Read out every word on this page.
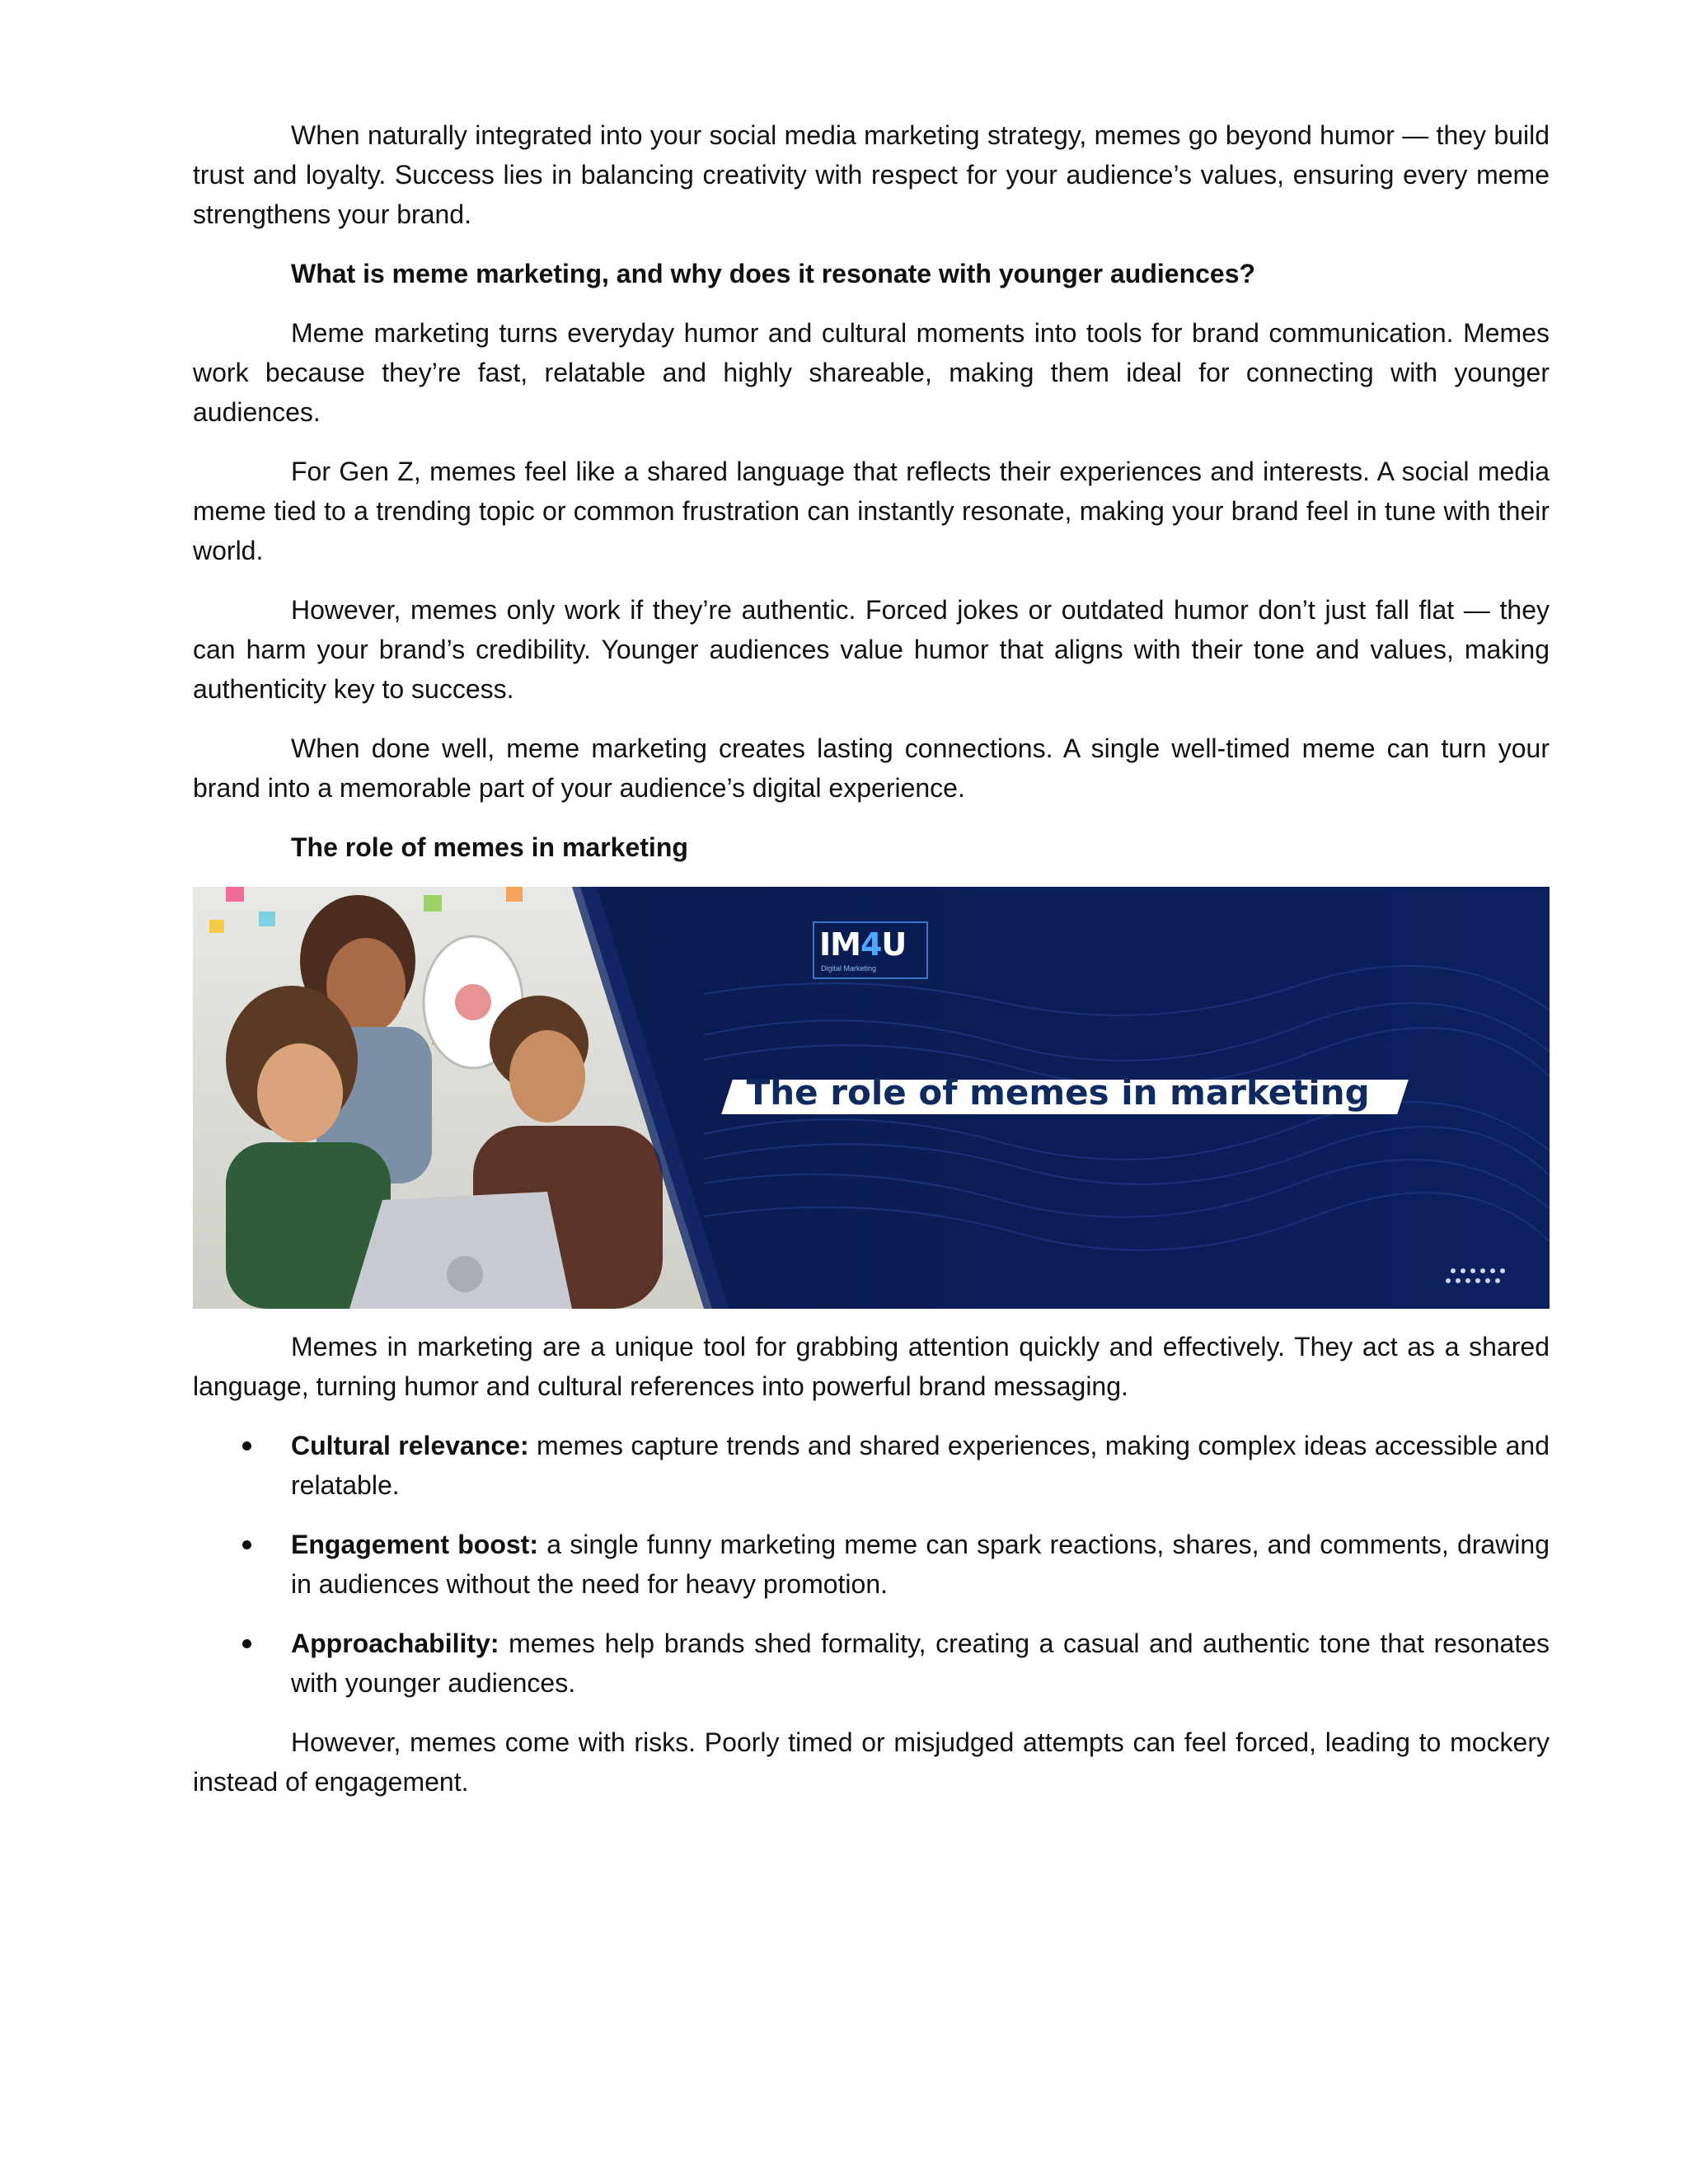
When naturally integrated into your social media marketing strategy, memes go beyond humor — they build trust and loyalty. Success lies in balancing creativity with respect for your audience’s values, ensuring every meme strengthens your brand.

What is meme marketing, and why does it resonate with younger audiences?

Meme marketing turns everyday humor and cultural moments into tools for brand communication. Memes work because they’re fast, relatable and highly shareable, making them ideal for connecting with younger audiences.

For Gen Z, memes feel like a shared language that reflects their experiences and interests. A social media meme tied to a trending topic or common frustration can instantly resonate, making your brand feel in tune with their world.

However, memes only work if they’re authentic. Forced jokes or outdated humor don’t just fall flat — they can harm your brand’s credibility. Younger audiences value humor that aligns with their tone and values, making authenticity key to success.

When done well, meme marketing creates lasting connections. A single well-timed meme can turn your brand into a memorable part of your audience’s digital experience.

The role of memes in marketing
IM4U
Digital Marketing
The role of memes in marketing

Memes in marketing are a unique tool for grabbing attention quickly and effectively. They act as a shared language, turning humor and cultural references into powerful brand messaging.

Cultural relevance: memes capture trends and shared experiences, making complex ideas accessible and relatable.
Engagement boost: a single funny marketing meme can spark reactions, shares, and comments, drawing in audiences without the need for heavy promotion.
Approachability: memes help brands shed formality, creating a casual and authentic tone that resonates with younger audiences.

However, memes come with risks. Poorly timed or misjudged attempts can feel forced, leading to mockery instead of engagement.
